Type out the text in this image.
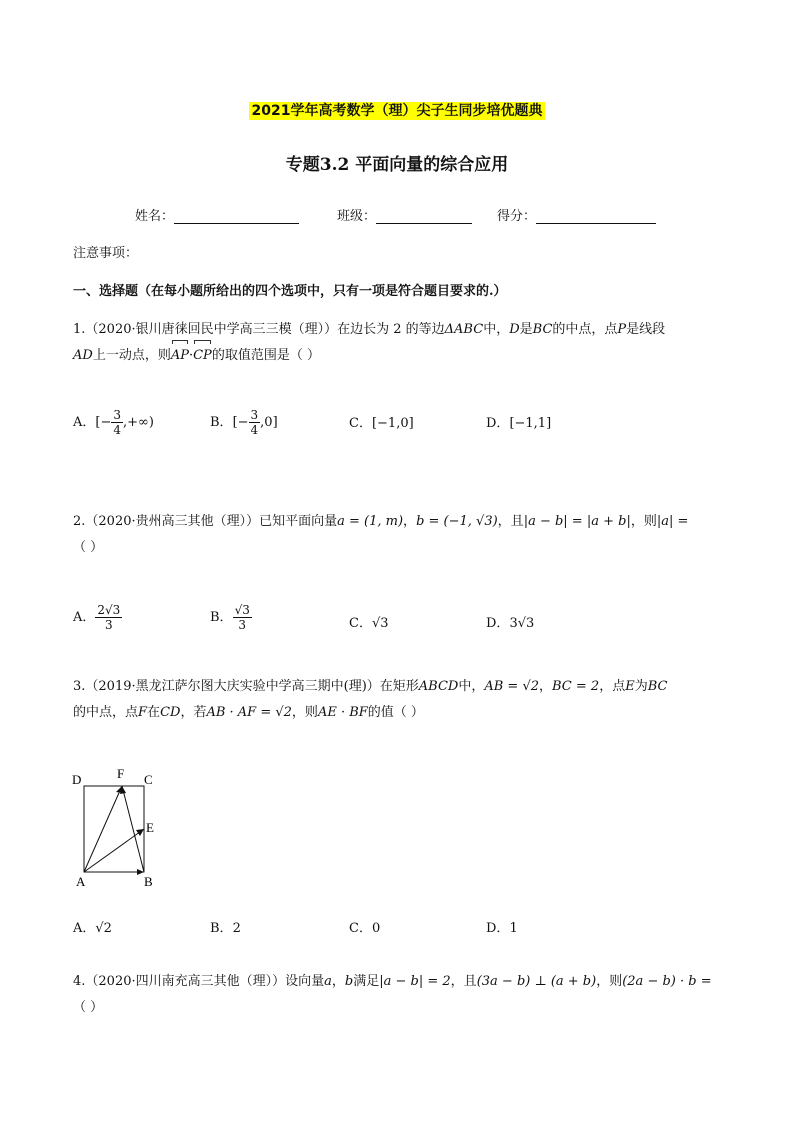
2021学年高考数学（理）尖子生同步培优题典
专题3.2 平面向量的综合应用
姓名：	班级：	得分：
注意事项：
一、选择题（在每小题所给出的四个选项中，只有一项是符合题目要求的.）
1.（2020·银川唐徕回民中学高三三模（理））在边长为 2 的等边ΔABC中，D是BC的中点，点P是线段
AD上一动点，则AP·CP的取值范围是（ ）
A．[− $\frac{3}{4}$ ,+∞)	B．[− $\frac{3}{4} ,0$]	C．[−1,0]	D．[−1,1]
2.（2020·贵州高三其他（理））已知平面向量a = (1, m)，b = (−1, √3)，且|a − b| = |a + b|，则|a| =
（ ）
A． $\frac{2√3}{3}$	B． $\frac{√3}{3}$	C．√3	D．3√3
3.（2019·黑龙江萨尔图大庆实验中学高三期中(理)）在矩形ABCD中，AB = √2，BC = 2，点E为BC
的中点，点F在CD，若AB · AF = √2，则AE · BF的值（ ）
D	F C
E
A	B
A．√2	B．2	C．0	D．1
4.（2020·四川南充高三其他（理））设向量a，b满足|a − b| = 2，且(3a − b) ⊥ (a + b)，则(2a − b) · b =
（ ）
